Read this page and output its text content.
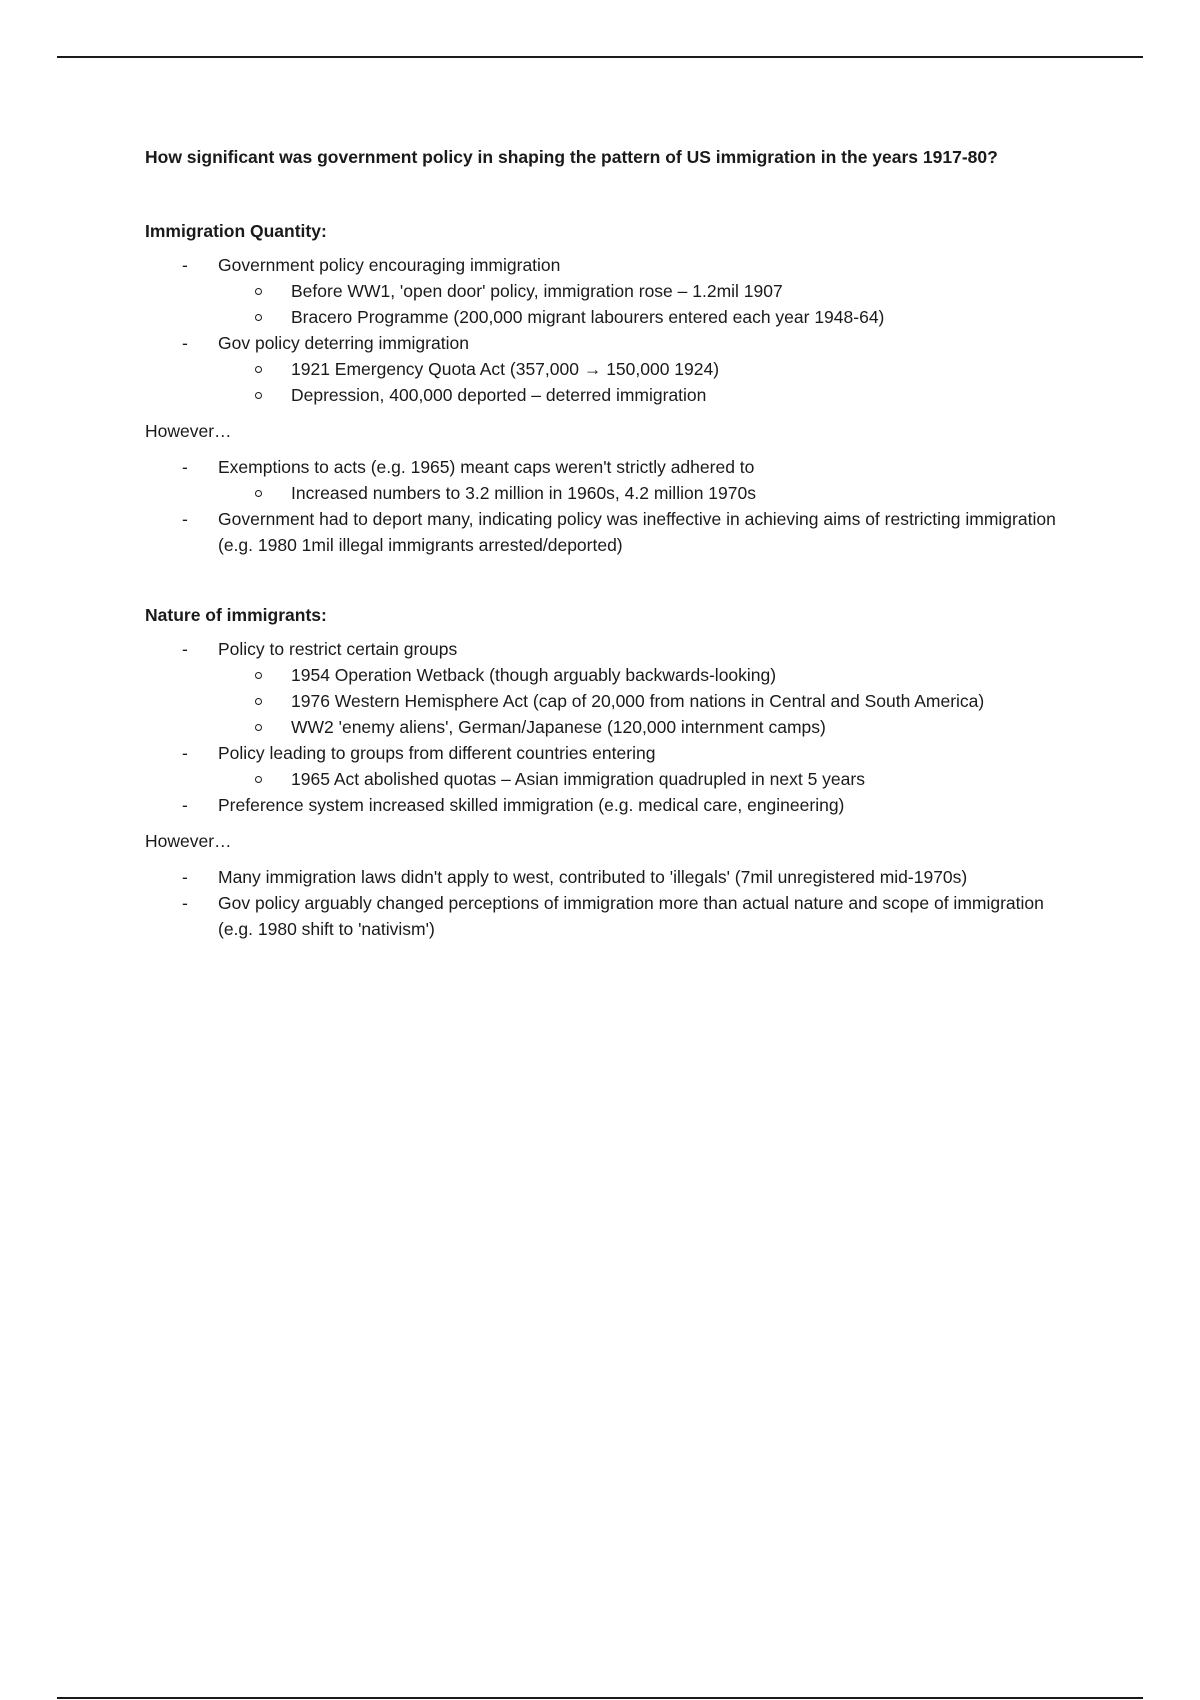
How significant was government policy in shaping the pattern of US immigration in the years 1917-80?

Immigration Quantity:

- Government policy encouraging immigration
Before WW1, 'open door' policy, immigration rose – 1.2mil 1907
Bracero Programme (200,000 migrant labourers entered each year 1948-64)
- Gov policy deterring immigration
1921 Emergency Quota Act (357,000 → 150,000 1924)
Depression, 400,000 deported – deterred immigration

However…

- Exemptions to acts (e.g. 1965) meant caps weren't strictly adhered to
Increased numbers to 3.2 million in 1960s, 4.2 million 1970s
- Government had to deport many, indicating policy was ineffective in achieving aims of restricting immigration (e.g. 1980 1mil illegal immigrants arrested/deported)

Nature of immigrants:

- Policy to restrict certain groups
1954 Operation Wetback (though arguably backwards-looking)
1976 Western Hemisphere Act (cap of 20,000 from nations in Central and South America)
WW2 'enemy aliens', German/Japanese (120,000 internment camps)
- Policy leading to groups from different countries entering
1965 Act abolished quotas – Asian immigration quadrupled in next 5 years
- Preference system increased skilled immigration (e.g. medical care, engineering)

However…

- Many immigration laws didn't apply to west, contributed to 'illegals' (7mil unregistered mid-1970s)
- Gov policy arguably changed perceptions of immigration more than actual nature and scope of immigration (e.g. 1980 shift to 'nativism')
